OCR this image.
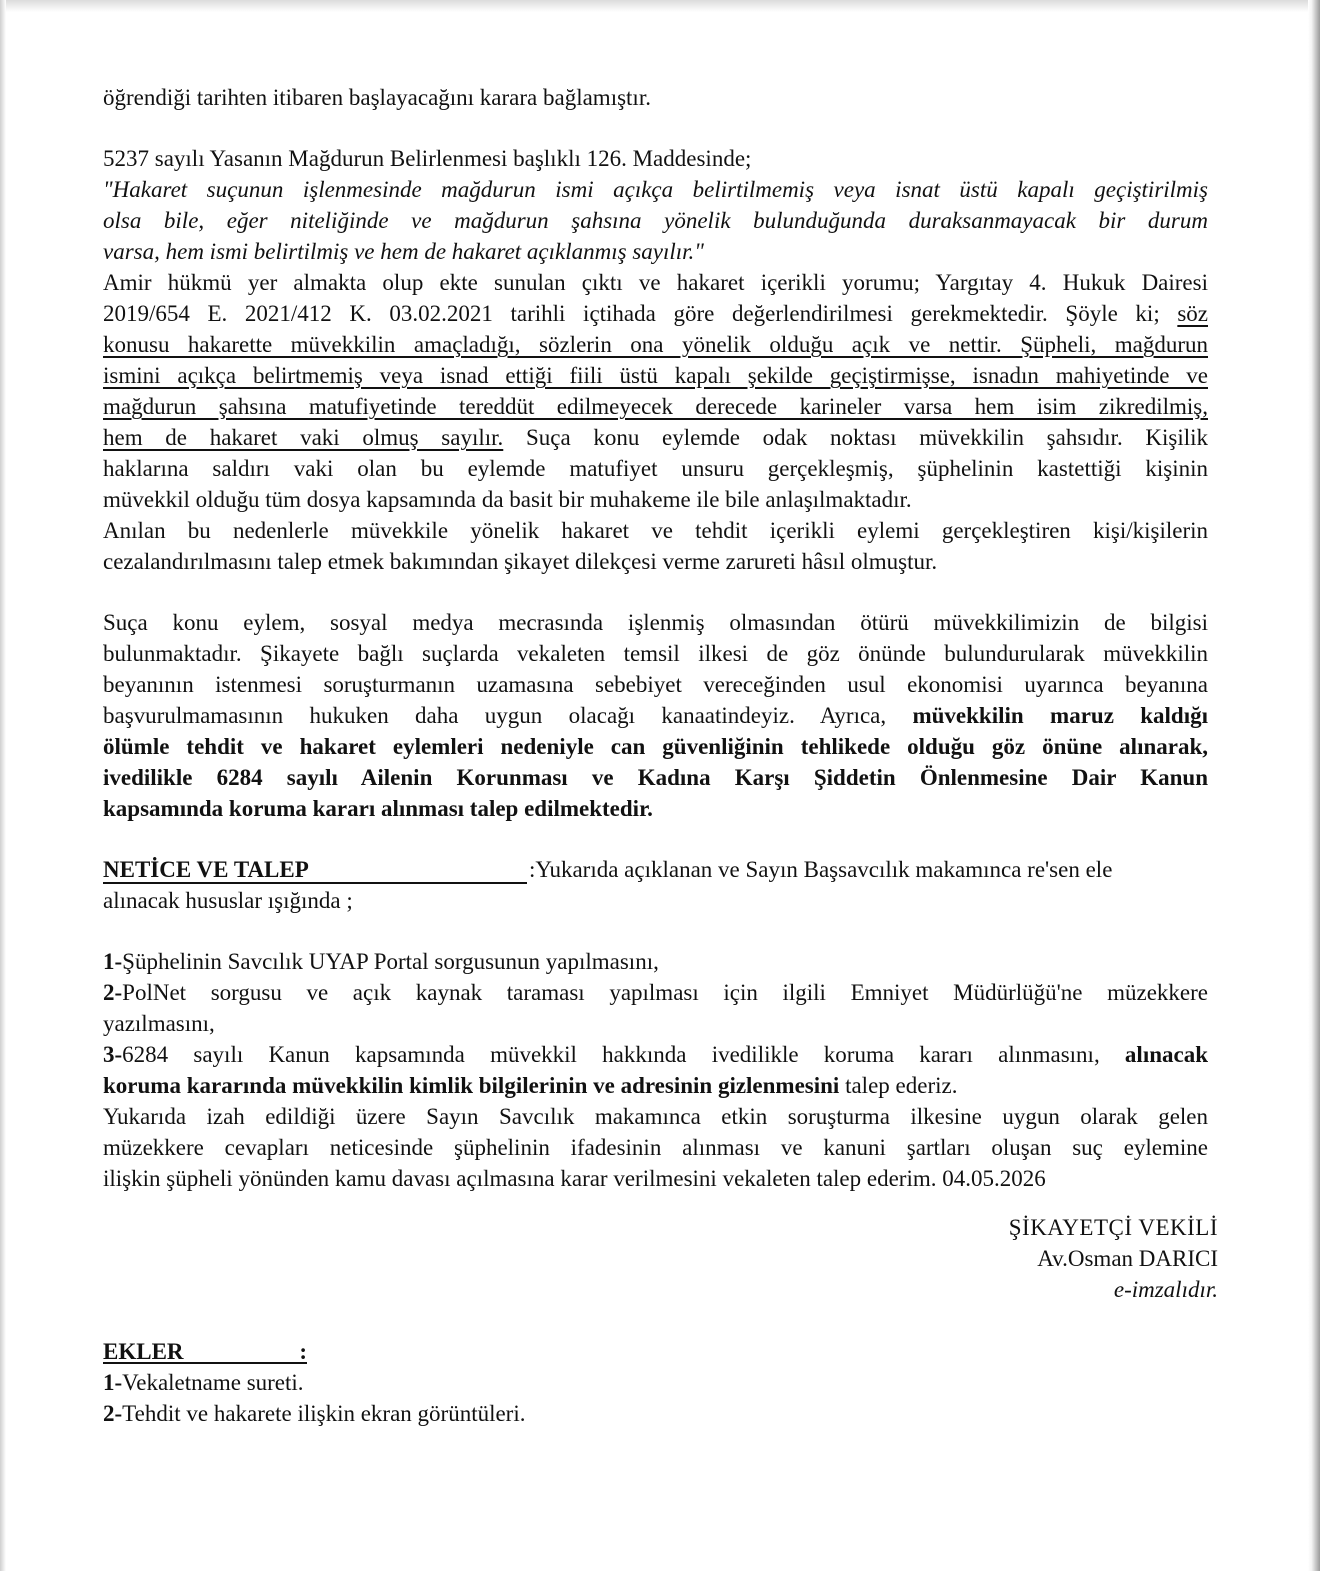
öğrendiği tarihten itibaren başlayacağını karara bağlamıştır.
5237 sayılı Yasanın Mağdurun Belirlenmesi başlıklı 126. Maddesinde;
"Hakaret suçunun işlenmesinde mağdurun ismi açıkça belirtilmemiş veya isnat üstü kapalı geçiştirilmiş
olsa bile, eğer niteliğinde ve mağdurun şahsına yönelik bulunduğunda duraksanmayacak bir durum
varsa, hem ismi belirtilmiş ve hem de hakaret açıklanmış sayılır."
Amir hükmü yer almakta olup ekte sunulan çıktı ve hakaret içerikli yorumu; Yargıtay 4. Hukuk Dairesi
2019/654 E. 2021/412 K. 03.02.2021 tarihli içtihada göre değerlendirilmesi gerekmektedir. Şöyle ki; söz
konusu hakarette müvekkilin amaçladığı, sözlerin ona yönelik olduğu açık ve nettir. Şüpheli, mağdurun
ismini açıkça belirtmemiş veya isnad ettiği fiili üstü kapalı şekilde geçiştirmişse, isnadın mahiyetinde ve
mağdurun şahsına matufiyetinde tereddüt edilmeyecek derecede karineler varsa hem isim zikredilmiş,
hem de hakaret vaki olmuş sayılır. Suça konu eylemde odak noktası müvekkilin şahsıdır. Kişilik
haklarına saldırı vaki olan bu eylemde matufiyet unsuru gerçekleşmiş, şüphelinin kastettiği kişinin
müvekkil olduğu tüm dosya kapsamında da basit bir muhakeme ile bile anlaşılmaktadır.
Anılan bu nedenlerle müvekkile yönelik hakaret ve tehdit içerikli eylemi gerçekleştiren kişi/kişilerin
cezalandırılmasını talep etmek bakımından şikayet dilekçesi verme zarureti hâsıl olmuştur.
Suça konu eylem, sosyal medya mecrasında işlenmiş olmasından ötürü müvekkilimizin de bilgisi
bulunmaktadır. Şikayete bağlı suçlarda vekaleten temsil ilkesi de göz önünde bulundurularak müvekkilin
beyanının istenmesi soruşturmanın uzamasına sebebiyet vereceğinden usul ekonomisi uyarınca beyanına
başvurulmamasının hukuken daha uygun olacağı kanaatindeyiz. Ayrıca, müvekkilin maruz kaldığı
ölümle tehdit ve hakaret eylemleri nedeniyle can güvenliğinin tehlikede olduğu göz önüne alınarak,
ivedilikle 6284 sayılı Ailenin Korunması ve Kadına Karşı Şiddetin Önlenmesine Dair Kanun
kapsamında koruma kararı alınması talep edilmektedir.
NETİCE VE TALEP	:Yukarıda açıklanan ve Sayın Başsavcılık makamınca re'sen ele
alınacak hususlar ışığında ;
1-Şüphelinin Savcılık UYAP Portal sorgusunun yapılmasını,
2-PolNet sorgusu ve açık kaynak taraması yapılması için ilgili Emniyet Müdürlüğü'ne müzekkere
yazılmasını,
3-6284 sayılı Kanun kapsamında müvekkil hakkında ivedilikle koruma kararı alınmasını, alınacak
koruma kararında müvekkilin kimlik bilgilerinin ve adresinin gizlenmesini talep ederiz.
Yukarıda izah edildiği üzere Sayın Savcılık makamınca etkin soruşturma ilkesine uygun olarak gelen
müzekkere cevapları neticesinde şüphelinin ifadesinin alınması ve kanuni şartları oluşan suç eylemine
ilişkin şüpheli yönünden kamu davası açılmasına karar verilmesini vekaleten talep ederim. 04.05.2026
ŞİKAYETÇİ VEKİLİ
Av.Osman DARICI
e-imzalıdır.
EKLER	:
1-Vekaletname sureti.
2-Tehdit ve hakarete ilişkin ekran görüntüleri.
